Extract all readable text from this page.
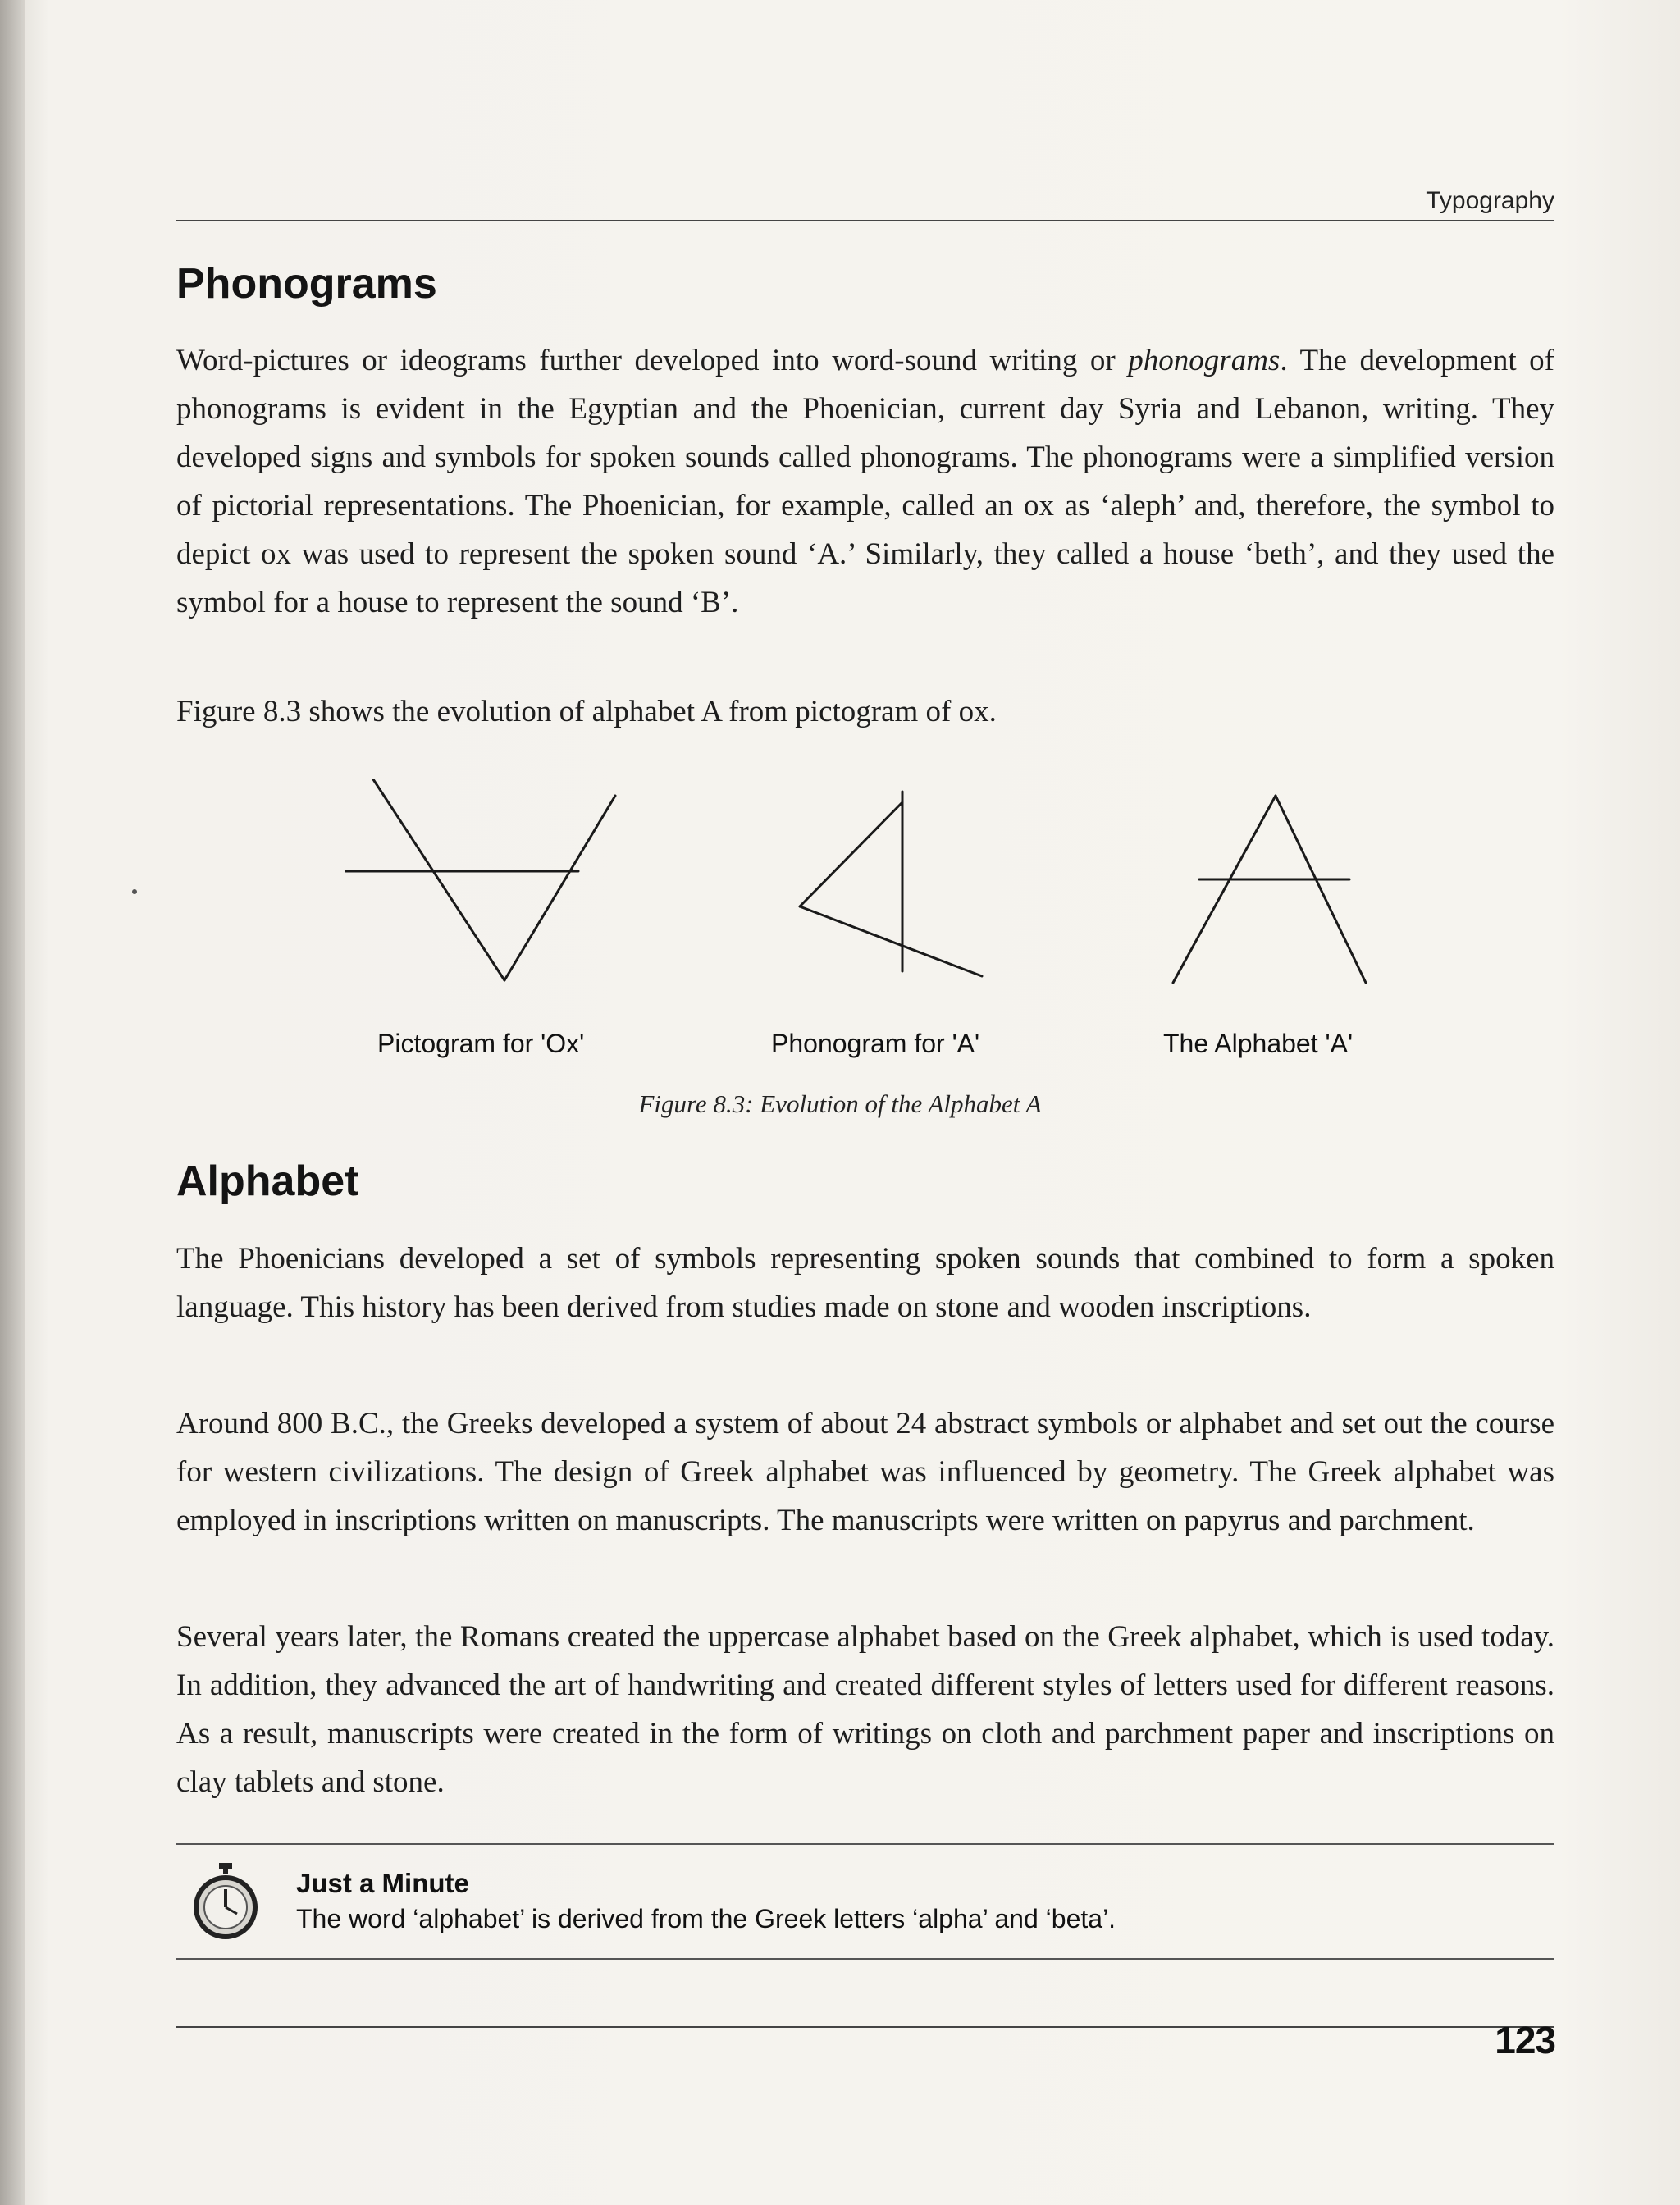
Typography
Phonograms

Word-pictures or ideograms further developed into word-sound writing or phonograms. The development of phonograms is evident in the Egyptian and the Phoenician, current day Syria and Lebanon, writing. They developed signs and symbols for spoken sounds called phonograms. The phonograms were a simplified version of pictorial representations. The Phoenician, for example, called an ox as ‘aleph’ and, therefore, the symbol to depict ox was used to represent the spoken sound ‘A.’ Similarly, they called a house ‘beth’, and they used the symbol for a house to represent the sound ‘B’.

Figure 8.3 shows the evolution of alphabet A from pictogram of ox.

Pictogram for 'Ox'	Phonogram for 'A'	The Alphabet 'A'
Figure 8.3: Evolution of the Alphabet A
Alphabet

The Phoenicians developed a set of symbols representing spoken sounds that combined to form a spoken language. This history has been derived from studies made on stone and wooden inscriptions.

Around 800 B.C., the Greeks developed a system of about 24 abstract symbols or alphabet and set out the course for western civilizations. The design of Greek alphabet was influenced by geometry. The Greek alphabet was employed in inscriptions written on manuscripts. The manuscripts were written on papyrus and parchment.

Several years later, the Romans created the uppercase alphabet based on the Greek alphabet, which is used today. In addition, they advanced the art of handwriting and created different styles of letters used for different reasons. As a result, manuscripts were created in the form of writings on cloth and parchment paper and inscriptions on clay tablets and stone.

Just a Minute
The word ‘alphabet’ is derived from the Greek letters ‘alpha’ and ‘beta’.
123
